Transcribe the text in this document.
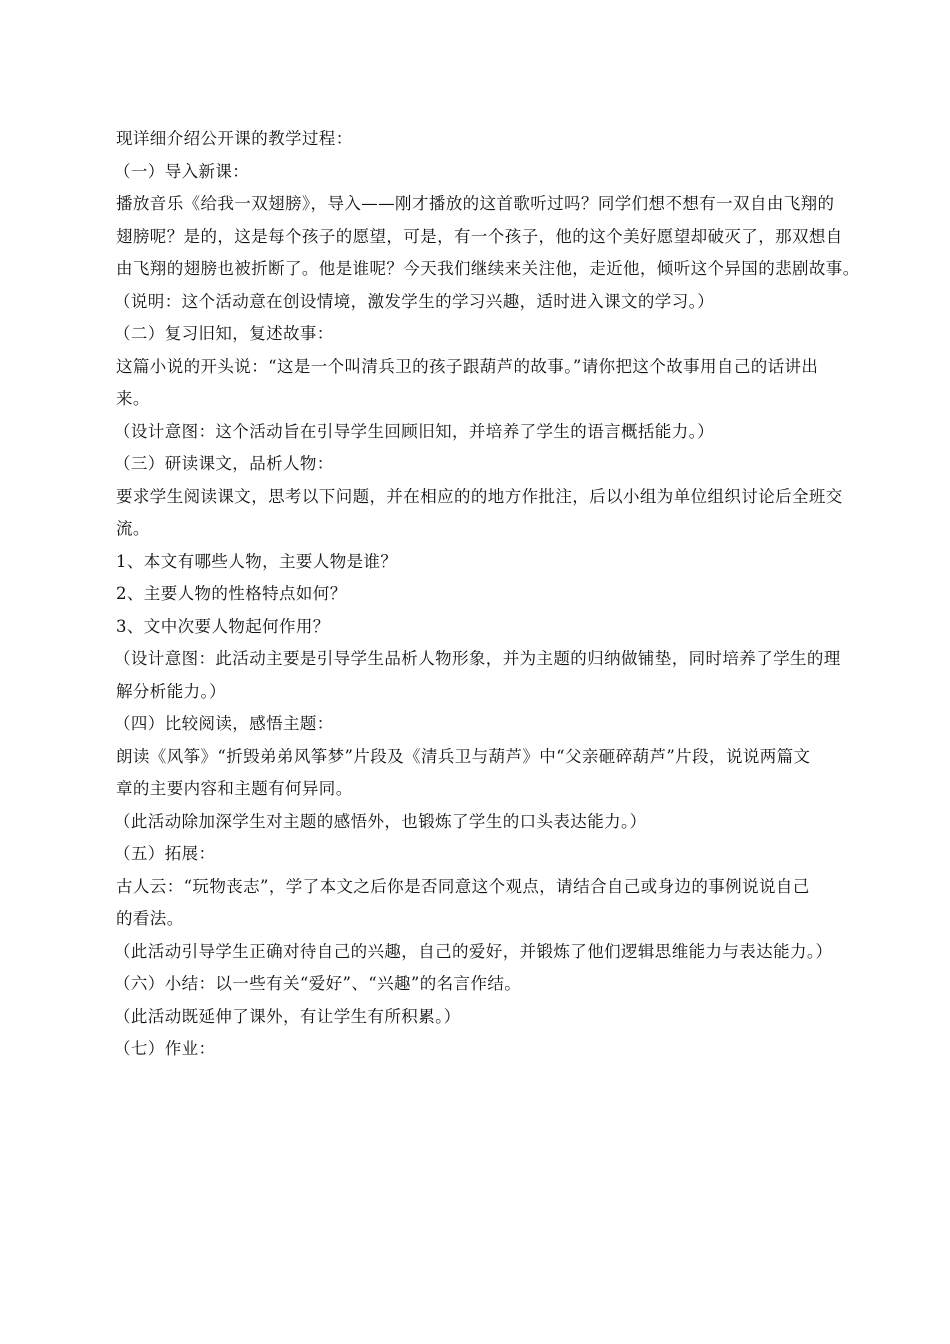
现详细介绍公开课的教学过程：
（一）导入新课：
播放音乐《给我一双翅膀》，导入——刚才播放的这首歌听过吗？同学们想不想有一双自由飞翔的
翅膀呢？是的，这是每个孩子的愿望，可是，有一个孩子，他的这个美好愿望却破灭了，那双想自
由飞翔的翅膀也被折断了。他是谁呢？今天我们继续来关注他，走近他，倾听这个异国的悲剧故事。
（说明：这个活动意在创设情境，激发学生的学习兴趣，适时进入课文的学习。）
（二）复习旧知，复述故事：
这篇小说的开头说：“这是一个叫清兵卫的孩子跟葫芦的故事。”请你把这个故事用自己的话讲出
来。
（设计意图：这个活动旨在引导学生回顾旧知，并培养了学生的语言概括能力。）
（三）研读课文，品析人物：
要求学生阅读课文，思考以下问题，并在相应的的地方作批注，后以小组为单位组织讨论后全班交
流。
1、本文有哪些人物，主要人物是谁？
2、主要人物的性格特点如何？
3、文中次要人物起何作用？
（设计意图：此活动主要是引导学生品析人物形象，并为主题的归纳做铺垫，同时培养了学生的理
解分析能力。）
（四）比较阅读，感悟主题：
朗读《风筝》“折毁弟弟风筝梦”片段及《清兵卫与葫芦》中“父亲砸碎葫芦”片段，说说两篇文
章的主要内容和主题有何异同。
（此活动除加深学生对主题的感悟外，也锻炼了学生的口头表达能力。）
（五）拓展：
古人云：“玩物丧志”，学了本文之后你是否同意这个观点，请结合自己或身边的事例说说自己
的看法。
（此活动引导学生正确对待自己的兴趣，自己的爱好，并锻炼了他们逻辑思维能力与表达能力。）
（六）小结：以一些有关“爱好”、“兴趣”的名言作结。
（此活动既延伸了课外，有让学生有所积累。）
（七）作业：
